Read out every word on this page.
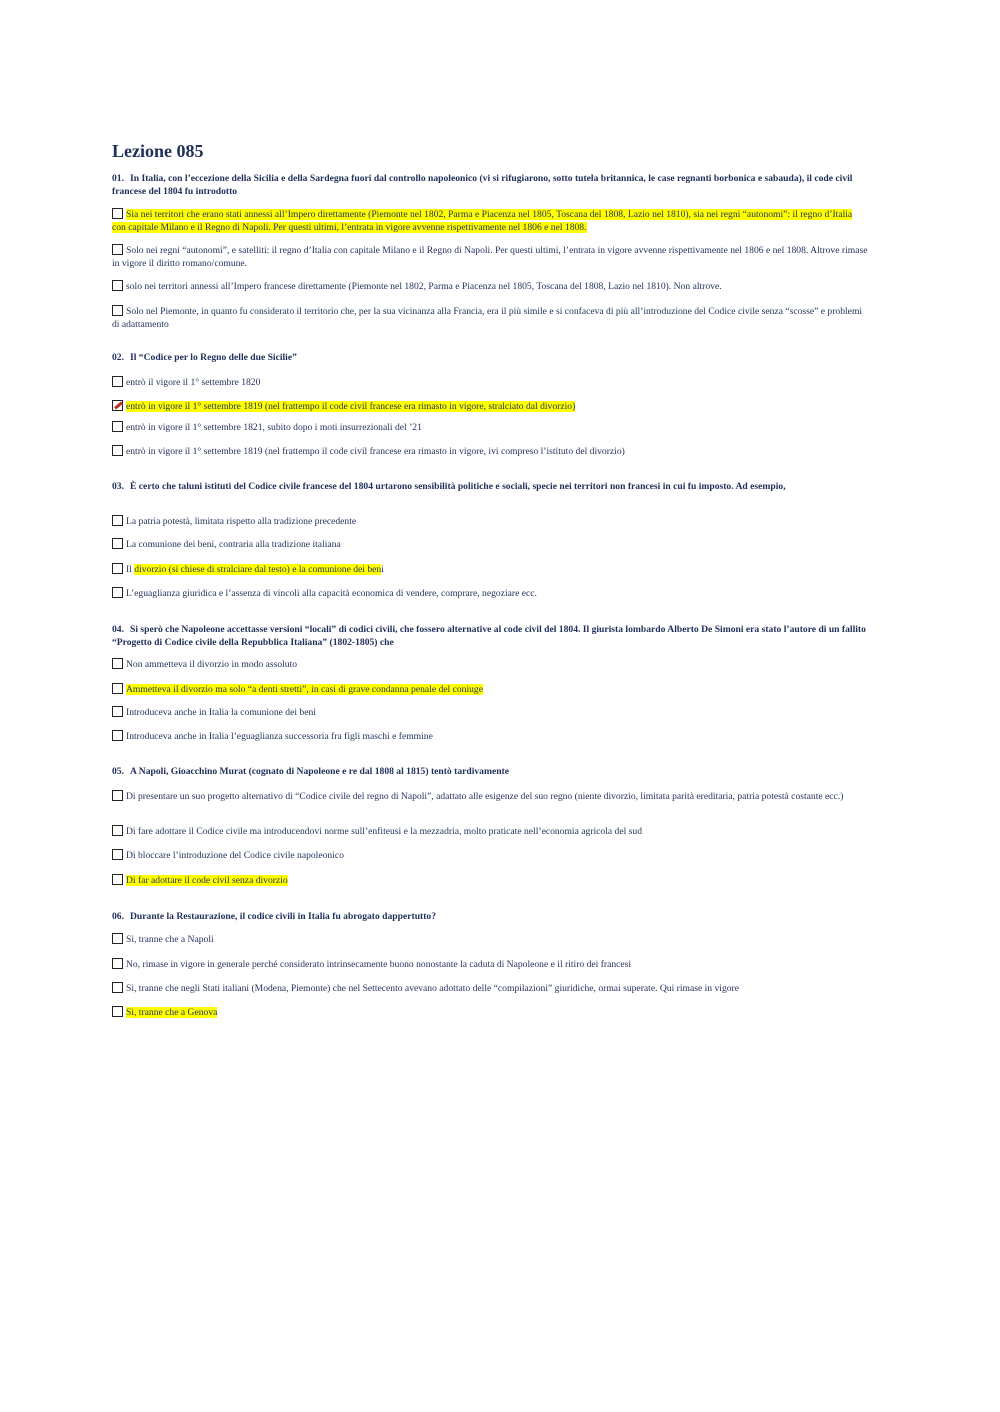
Lezione 085

01. In Italia, con l’eccezione della Sicilia e della Sardegna fuori dal controllo napoleonico (vi si rifugiarono, sotto tutela britannica, le case regnanti borbonica e sabauda), il code civil francese del 1804 fu introdotto

Sia nei territori che erano stati annessi all’Impero direttamente (Piemonte nel 1802, Parma e Piacenza nel 1805, Toscana del 1808, Lazio nel 1810), sia nei regni “autonomi”: il regno d’Italia con capitale Milano e il Regno di Napoli. Per questi ultimi, l’entrata in vigore avvenne rispettivamente nel 1806 e nel 1808.
Solo nei regni “autonomi”, e satelliti: il regno d’Italia con capitale Milano e il Regno di Napoli. Per questi ultimi, l’entrata in vigore avvenne rispettivamente nel 1806 e nel 1808. Altrove rimase in vigore il diritto romano/comune.
solo nei territori annessi all’Impero francese direttamente (Piemonte nel 1802, Parma e Piacenza nel 1805, Toscana del 1808, Lazio nel 1810). Non altrove.
Solo nel Piemonte, in quanto fu considerato il territorio che, per la sua vicinanza alla Francia, era il più simile e si confaceva di più all’introduzione del Codice civile senza “scosse” e problemi di adattamento

02. Il “Codice per lo Regno delle due Sicilie”

entrò il vigore il 1° settembre 1820
entrò in vigore il 1° settembre 1819 (nel frattempo il code civil francese era rimasto in vigore, stralciato dal divorzio)
entrò in vigore il 1° settembre 1821, subito dopo i moti insurrezionali del ’21
entrò in vigore il 1° settembre 1819 (nel frattempo il code civil francese era rimasto in vigore, ivi compreso l’istituto del divorzio)

03. È certo che taluni istituti del Codice civile francese del 1804 urtarono sensibilità politiche e sociali, specie nei territori non francesi in cui fu imposto. Ad esempio,

La patria potestà, limitata rispetto alla tradizione precedente
La comunione dei beni, contraria alla tradizione italiana
Il divorzio (si chiese di stralciare dal testo) e la comunione dei beni
L’eguaglianza giuridica e l’assenza di vincoli alla capacità economica di vendere, comprare, negoziare ecc.

04. Si sperò che Napoleone accettasse versioni “locali” di codici civili, che fossero alternative al code civil del 1804. Il giurista lombardo Alberto De Simoni era stato l’autore di un fallito “Progetto di Codice civile della Repubblica Italiana” (1802-1805) che

Non ammetteva il divorzio in modo assoluto
Ammetteva il divorzio ma solo “a denti stretti”, in casi di grave condanna penale del coniuge
Introduceva anche in Italia la comunione dei beni
Introduceva anche in Italia l’eguaglianza successoria fra figli maschi e femmine

05. A Napoli, Gioacchino Murat (cognato di Napoleone e re dal 1808 al 1815) tentò tardivamente

Di presentare un suo progetto alternativo di “Codice civile del regno di Napoli”, adattato alle esigenze del suo regno (niente divorzio, limitata parità ereditaria, patria potestà costante ecc.)
Di fare adottare il Codice civile ma introducendovi norme sull’enfiteusi e la mezzadria, molto praticate nell’economia agricola del sud
Di bloccare l’introduzione del Codice civile napoleonico
Di far adottare il code civil senza divorzio

06. Durante la Restaurazione, il codice civili in Italia fu abrogato dappertutto?

Sì, tranne che a Napoli
No, rimase in vigore in generale perché considerato intrinsecamente buono nonostante la caduta di Napoleone e il ritiro dei francesi
Sì, tranne che negli Stati italiani (Modena, Piemonte) che nel Settecento avevano adottato delle “compilazioni” giuridiche, ormai superate. Qui rimase in vigore
Sì, tranne che a Genova
